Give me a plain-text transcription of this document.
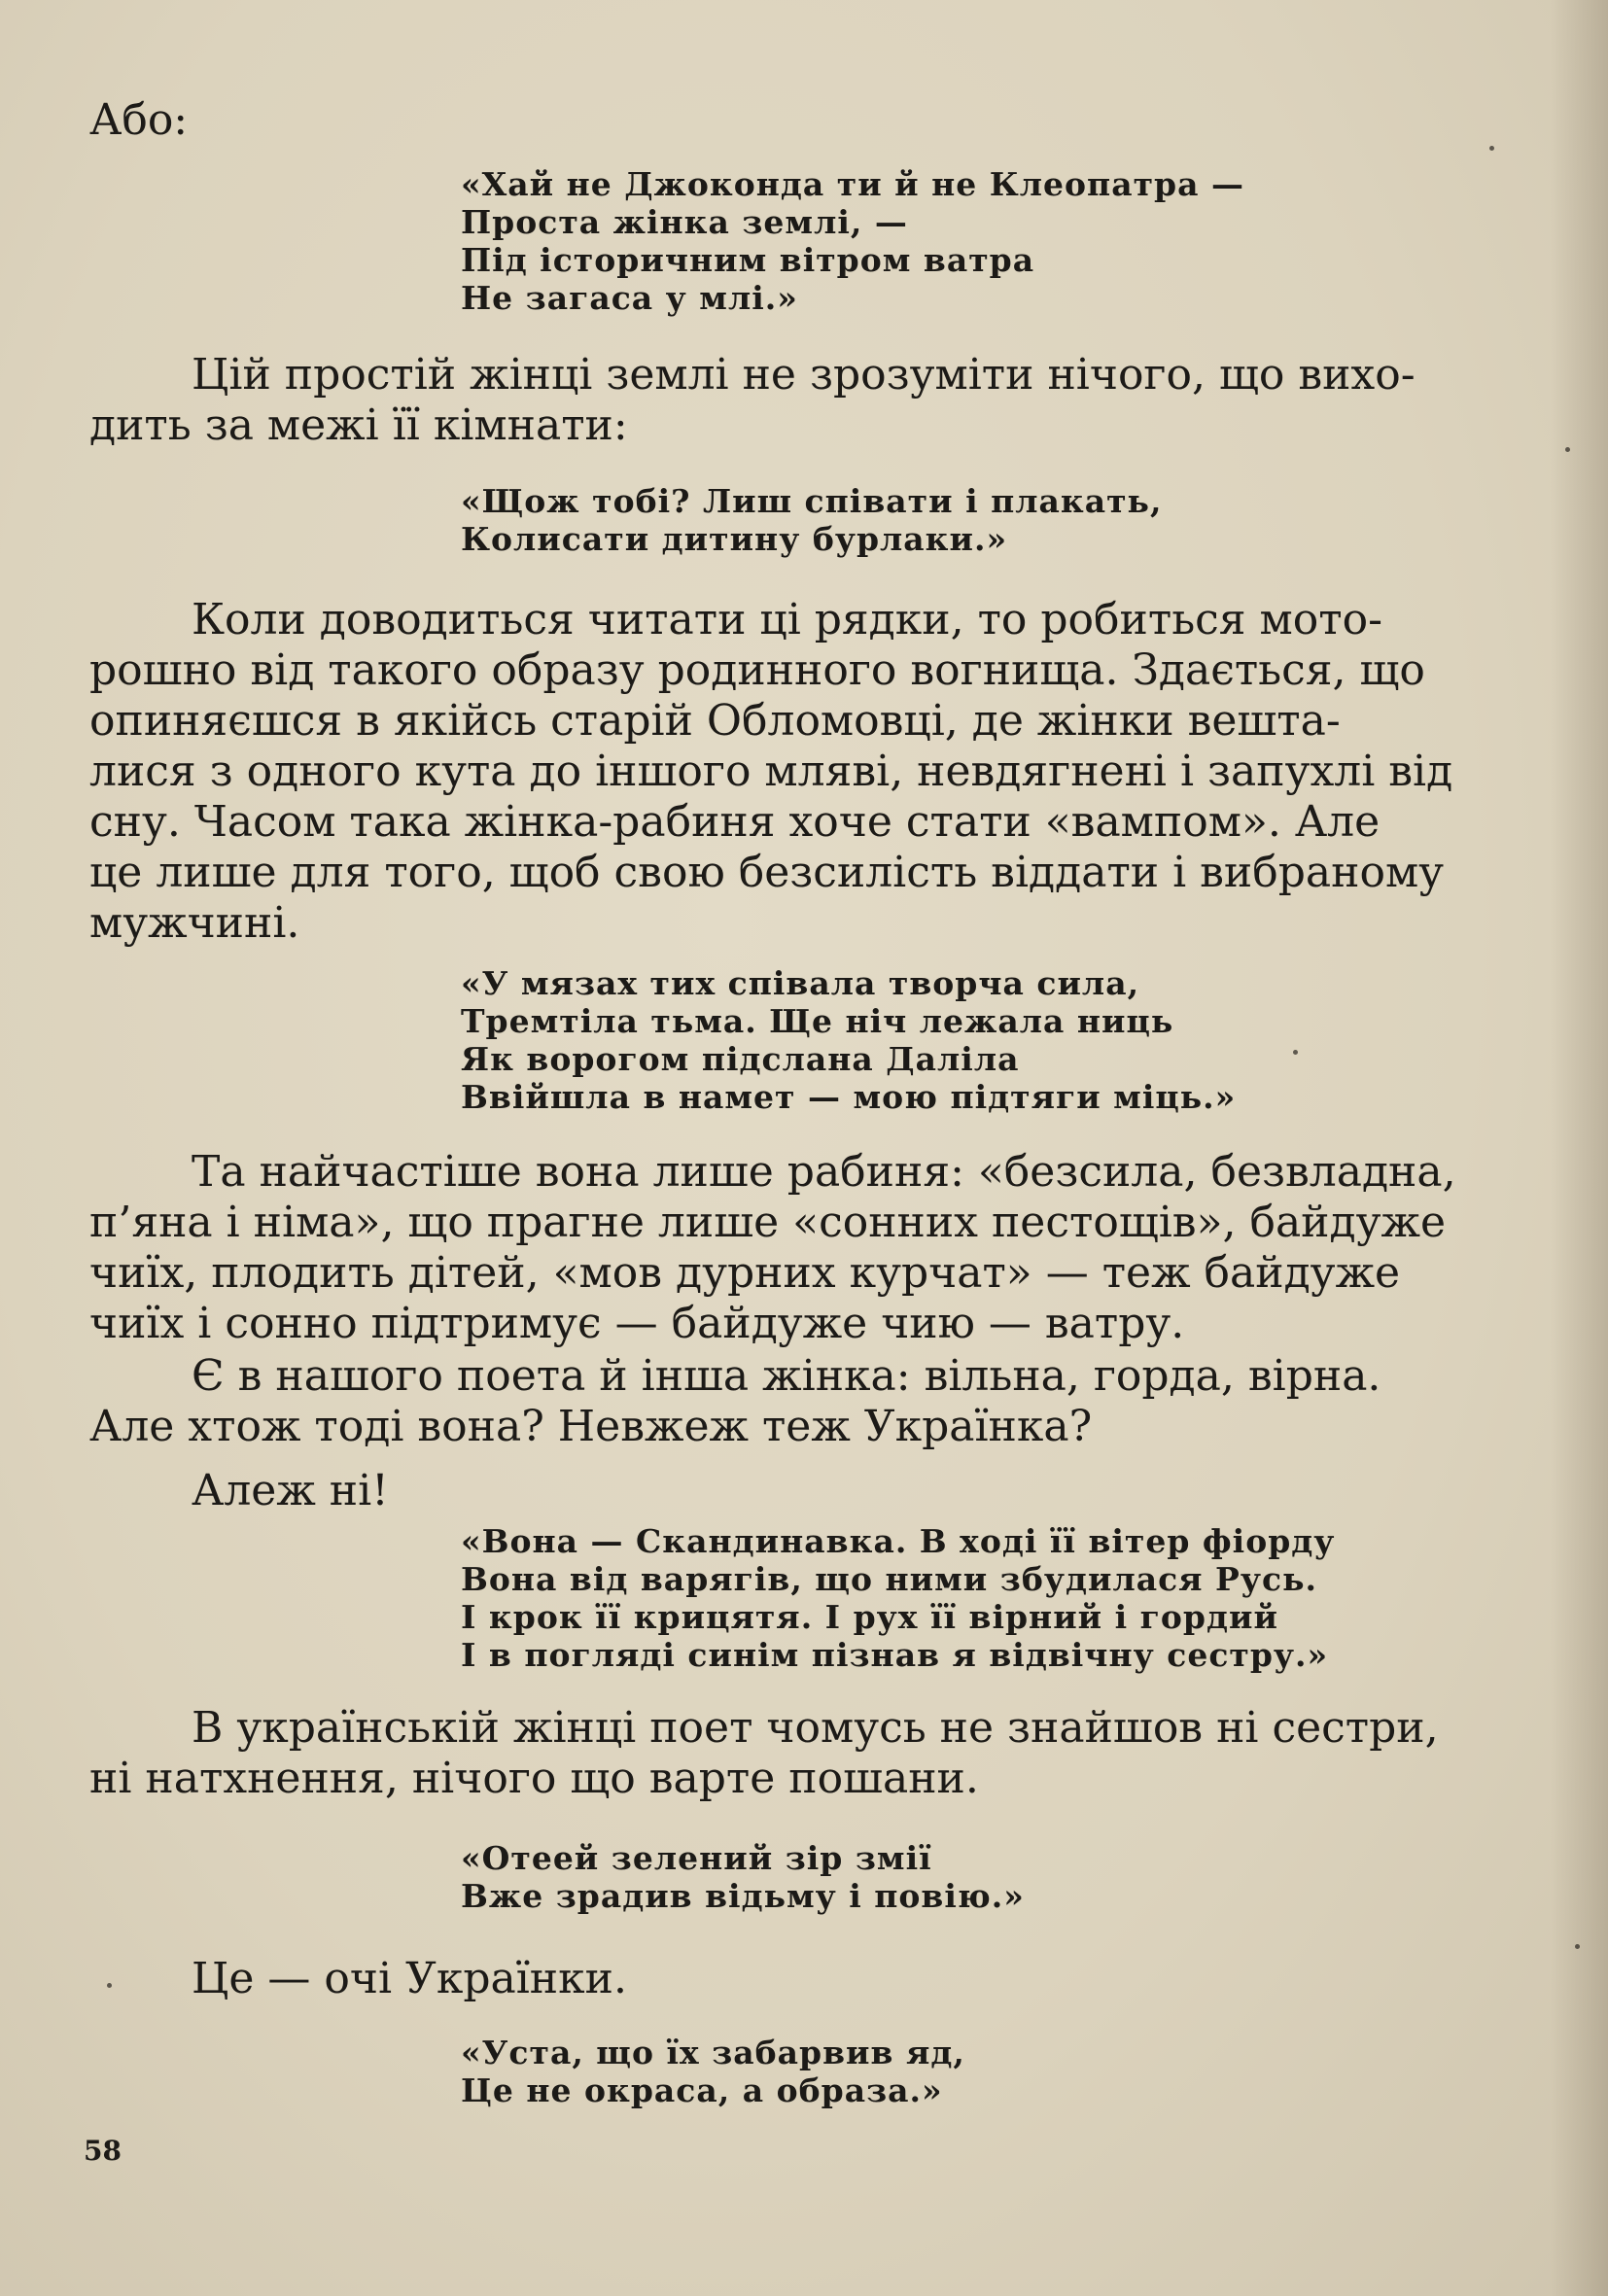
Або:

«Хай не Джоконда ти й не Клеопатра —
Проста жінка землі, —
Під історичним вітром ватра
Не загаса у млі.»

Цій простій жінці землі не зрозуміти нічого, що вихо-
дить за межі її кімнати:

«Щож тобі? Лиш співати і плакать,
Колисати дитину бурлаки.»

Коли доводиться читати ці рядки, то робиться мото-
рошно від такого образу родинного вогнища. Здається, що
опиняєшся в якійсь старій Обломовці, де жінки вешта-
лися з одного кута до іншого мляві, невдягнені і запухлі від
сну. Часом така жінка-рабиня хоче стати «вампом». Але
це лише для того, щоб свою безсилість віддати і вибраному
мужчині.

«У мязах тих співала творча сила,
Тремтіла тьма. Ще ніч лежала ниць
Як ворогом підслана Даліла
Ввійшла в намет — мою підтяги міць.»

Та найчастіше вона лише рабиня: «безсила, безвладна,
п’яна і німа», що прагне лише «сонних пестощів», байдуже
чиїх, плодить дітей, «мов дурних курчат» — теж байдуже
чиїх і сонно підтримує — байдуже чию — ватру.

Є в нашого поета й інша жінка: вільна, горда, вірна.
Але хтож тоді вона? Невжеж теж Українка?

Алеж ні!

«Вона — Скандинавка. В ході її вітер фіорду
Вона від варягів, що ними збудилася Русь.
І крок її крицятя. І рух її вірний і гордий
І в погляді синім пізнав я відвічну сестру.»

В українській жінці поет чомусь не знайшов ні сестри,
ні натхнення, нічого що варте пошани.

«Отеей зелений зір змії
Вже зрадив відьму і повію.»

Це — очі Українки.

«Уста, що їх забарвив яд,
Це не окраса, а образа.»
58
